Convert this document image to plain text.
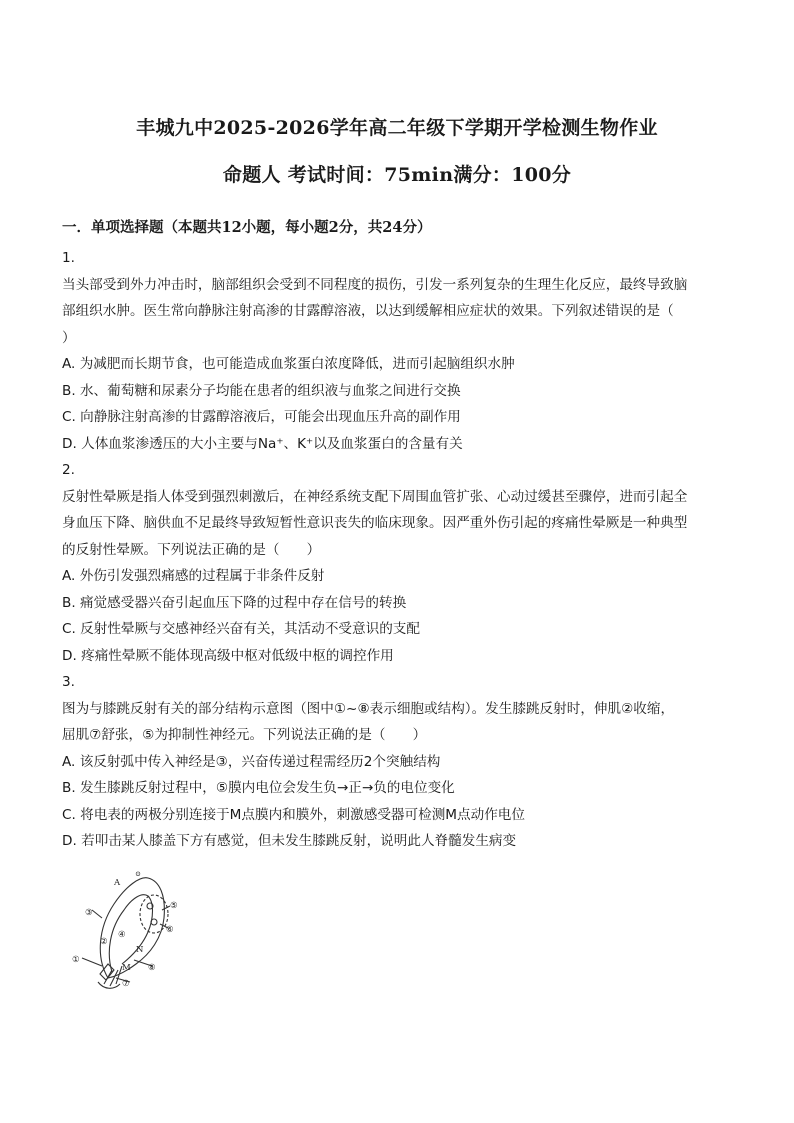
丰城九中2025-2026学年高二年级下学期开学检测生物作业
命题人 考试时间：75min满分：100分
一．单项选择题（本题共12小题，每小题2分，共24分）
1.
当头部受到外力冲击时，脑部组织会受到不同程度的损伤，引发一系列复杂的生理生化反应，最终导致脑
部组织水肿。医生常向静脉注射高渗的甘露醇溶液，以达到缓解相应症状的效果。下列叙述错误的是（
）
A. 为减肥而长期节食，也可能造成血浆蛋白浓度降低，进而引起脑组织水肿
B. 水、葡萄糖和尿素分子均能在患者的组织液与血浆之间进行交换
C. 向静脉注射高渗的甘露醇溶液后，可能会出现血压升高的副作用
D. 人体血浆渗透压的大小主要与Na⁺、K⁺以及血浆蛋白的含量有关
2.
反射性晕厥是指人体受到强烈刺激后，在神经系统支配下周围血管扩张、心动过缓甚至骤停，进而引起全
身血压下降、脑供血不足最终导致短暂性意识丧失的临床现象。因严重外伤引起的疼痛性晕厥是一种典型
的反射性晕厥。下列说法正确的是（　　）
A. 外伤引发强烈痛感的过程属于非条件反射
B. 痛觉感受器兴奋引起血压下降的过程中存在信号的转换
C. 反射性晕厥与交感神经兴奋有关，其活动不受意识的支配
D. 疼痛性晕厥不能体现高级中枢对低级中枢的调控作用
3.
图为与膝跳反射有关的部分结构示意图（图中①~⑧表示细胞或结构）。发生膝跳反射时，伸肌②收缩，
屈肌⑦舒张，⑤为抑制性神经元。下列说法正确的是（　　）
A. 该反射弧中传入神经是③，兴奋传递过程需经历2个突触结构
B. 发生膝跳反射过程中，⑤膜内电位会发生负→正→负的电位变化
C. 将电表的两极分别连接于M点膜内和膜外，刺激感受器可检测M点动作电位
D. 若叩击某人膝盖下方有感觉，但未发生膝跳反射，说明此人脊髓发生病变
A
①
②
③
④
⑤
⑥
⑦
⑧
N
M
⊙
